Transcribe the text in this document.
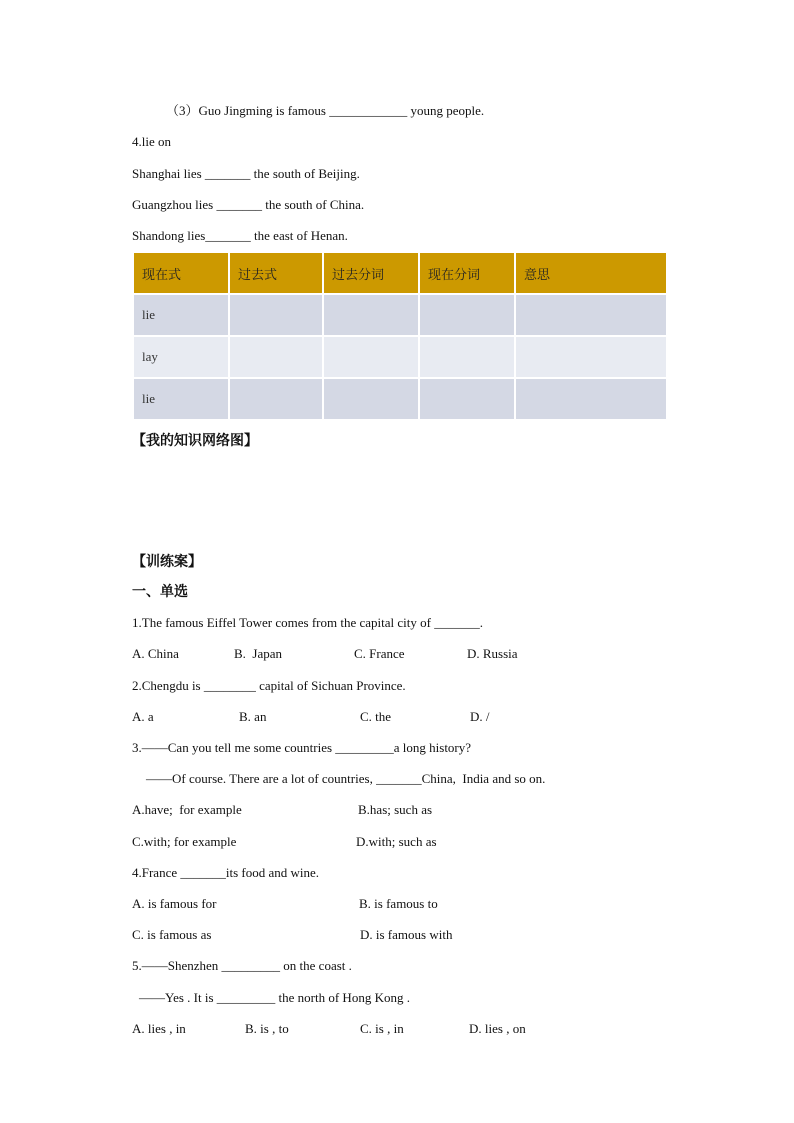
（3）Guo Jingming is famous ____________ young people.
4.lie on
Shanghai lies _______ the south of Beijing.
Guangzhou lies _______ the south of China.
Shandong lies_______ the east of Henan.
现在式	过去式	过去分词	现在分词	意思
lie				
lay				
lie				
【我的知识网络图】
【训练案】
一、单选
1.The famous Eiffel Tower comes from the capital city of _______.
A. China	B.  Japan	C. France	D. Russia
2.Chengdu is ________ capital of Sichuan Province.
A. a	B. an	C. the	D. /
3.——Can you tell me some countries _________a long history?
——Of course. There are a lot of countries, _______China,  India and so on.
A.have;  for example	B.has; such as
C.with; for example	D.with; such as
4.France _______its food and wine.
A. is famous for	B. is famous to
C. is famous as	D. is famous with
5.——Shenzhen _________ on the coast .
——Yes . It is _________ the north of Hong Kong .
A. lies , in	B. is , to	C. is , in	D. lies , on
